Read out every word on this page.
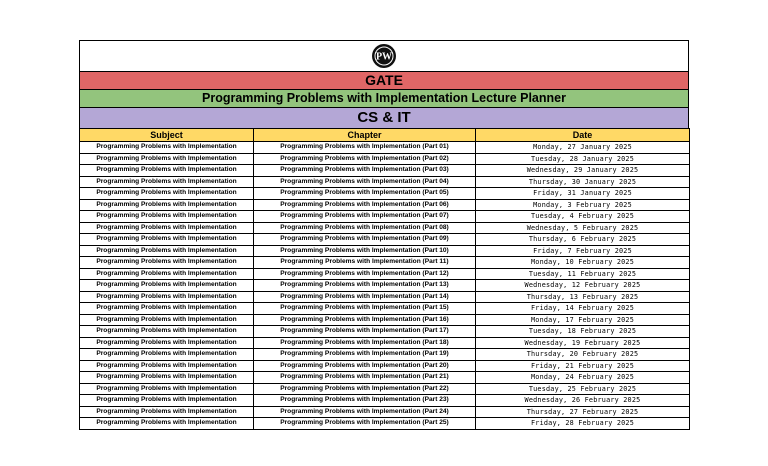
PW
GATE
Programming Problems with Implementation Lecture Planner
CS & IT
Subject	Chapter	Date
Programming Problems with Implementation	Programming Problems with Implementation (Part 01)	Monday, 27 January 2025
Programming Problems with Implementation	Programming Problems with Implementation (Part 02)	Tuesday, 28 January 2025
Programming Problems with Implementation	Programming Problems with Implementation (Part 03)	Wednesday, 29 January 2025
Programming Problems with Implementation	Programming Problems with Implementation (Part 04)	Thursday, 30 January 2025
Programming Problems with Implementation	Programming Problems with Implementation (Part 05)	Friday, 31 January 2025
Programming Problems with Implementation	Programming Problems with Implementation (Part 06)	Monday, 3 February 2025
Programming Problems with Implementation	Programming Problems with Implementation (Part 07)	Tuesday, 4 February 2025
Programming Problems with Implementation	Programming Problems with Implementation (Part 08)	Wednesday, 5 February 2025
Programming Problems with Implementation	Programming Problems with Implementation (Part 09)	Thursday, 6 February 2025
Programming Problems with Implementation	Programming Problems with Implementation (Part 10)	Friday, 7 February 2025
Programming Problems with Implementation	Programming Problems with Implementation (Part 11)	Monday, 10 February 2025
Programming Problems with Implementation	Programming Problems with Implementation (Part 12)	Tuesday, 11 February 2025
Programming Problems with Implementation	Programming Problems with Implementation (Part 13)	Wednesday, 12 February 2025
Programming Problems with Implementation	Programming Problems with Implementation (Part 14)	Thursday, 13 February 2025
Programming Problems with Implementation	Programming Problems with Implementation (Part 15)	Friday, 14 February 2025
Programming Problems with Implementation	Programming Problems with Implementation (Part 16)	Monday, 17 February 2025
Programming Problems with Implementation	Programming Problems with Implementation (Part 17)	Tuesday, 18 February 2025
Programming Problems with Implementation	Programming Problems with Implementation (Part 18)	Wednesday, 19 February 2025
Programming Problems with Implementation	Programming Problems with Implementation (Part 19)	Thursday, 20 February 2025
Programming Problems with Implementation	Programming Problems with Implementation (Part 20)	Friday, 21 February 2025
Programming Problems with Implementation	Programming Problems with Implementation (Part 21)	Monday, 24 February 2025
Programming Problems with Implementation	Programming Problems with Implementation (Part 22)	Tuesday, 25 February 2025
Programming Problems with Implementation	Programming Problems with Implementation (Part 23)	Wednesday, 26 February 2025
Programming Problems with Implementation	Programming Problems with Implementation (Part 24)	Thursday, 27 February 2025
Programming Problems with Implementation	Programming Problems with Implementation (Part 25)	Friday, 28 February 2025
